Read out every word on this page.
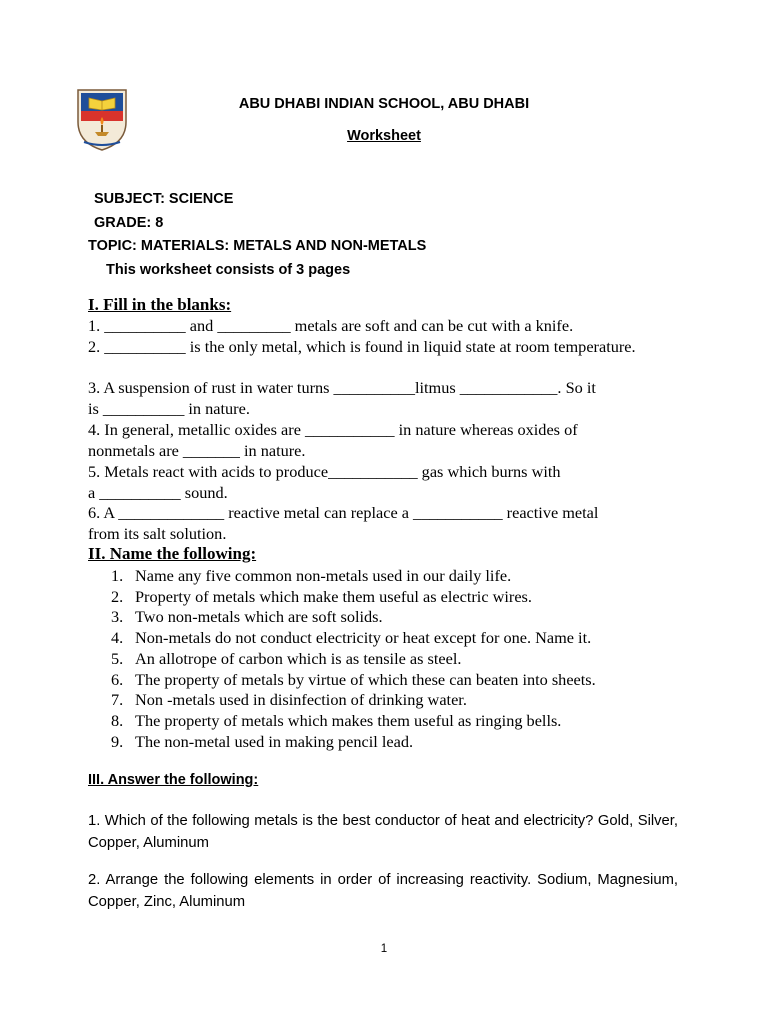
ABU DHABI INDIAN SCHOOL, ABU DHABI

Worksheet

SUBJECT: SCIENCE

GRADE: 8

TOPIC: MATERIALS: METALS AND NON-METALS

This worksheet consists of 3 pages

I. Fill in the blanks:

1. __________ and _________ metals are soft and can be cut with a knife.

2. __________ is the only metal, which is found in liquid state at room temperature.

3. A suspension of rust in water turns __________litmus ____________. So it

is __________ in nature.

4. In general, metallic oxides are ___________ in nature whereas oxides of

nonmetals are _______ in nature.

5. Metals react with acids to produce___________ gas which burns with

a __________ sound.

6. A _____________ reactive metal can replace a ___________ reactive metal

from its salt solution.

II. Name the following:

1. Name any five common non-metals used in our daily life.
2. Property of metals which make them useful as electric wires.
3. Two non-metals which are soft solids.
4. Non-metals do not conduct electricity or heat except for one. Name it.
5. An allotrope of carbon which is as tensile as steel.
6. The property of metals by virtue of which these can beaten into sheets.
7. Non -metals used in disinfection of drinking water.
8. The property of metals which makes them useful as ringing bells.
9. The non-metal used in making pencil lead.

III. Answer the following:

1. Which of the following metals is the best conductor of heat and electricity? Gold, Silver, Copper, Aluminum

2. Arrange the following elements in order of increasing reactivity. Sodium, Magnesium, Copper, Zinc, Aluminum

1
